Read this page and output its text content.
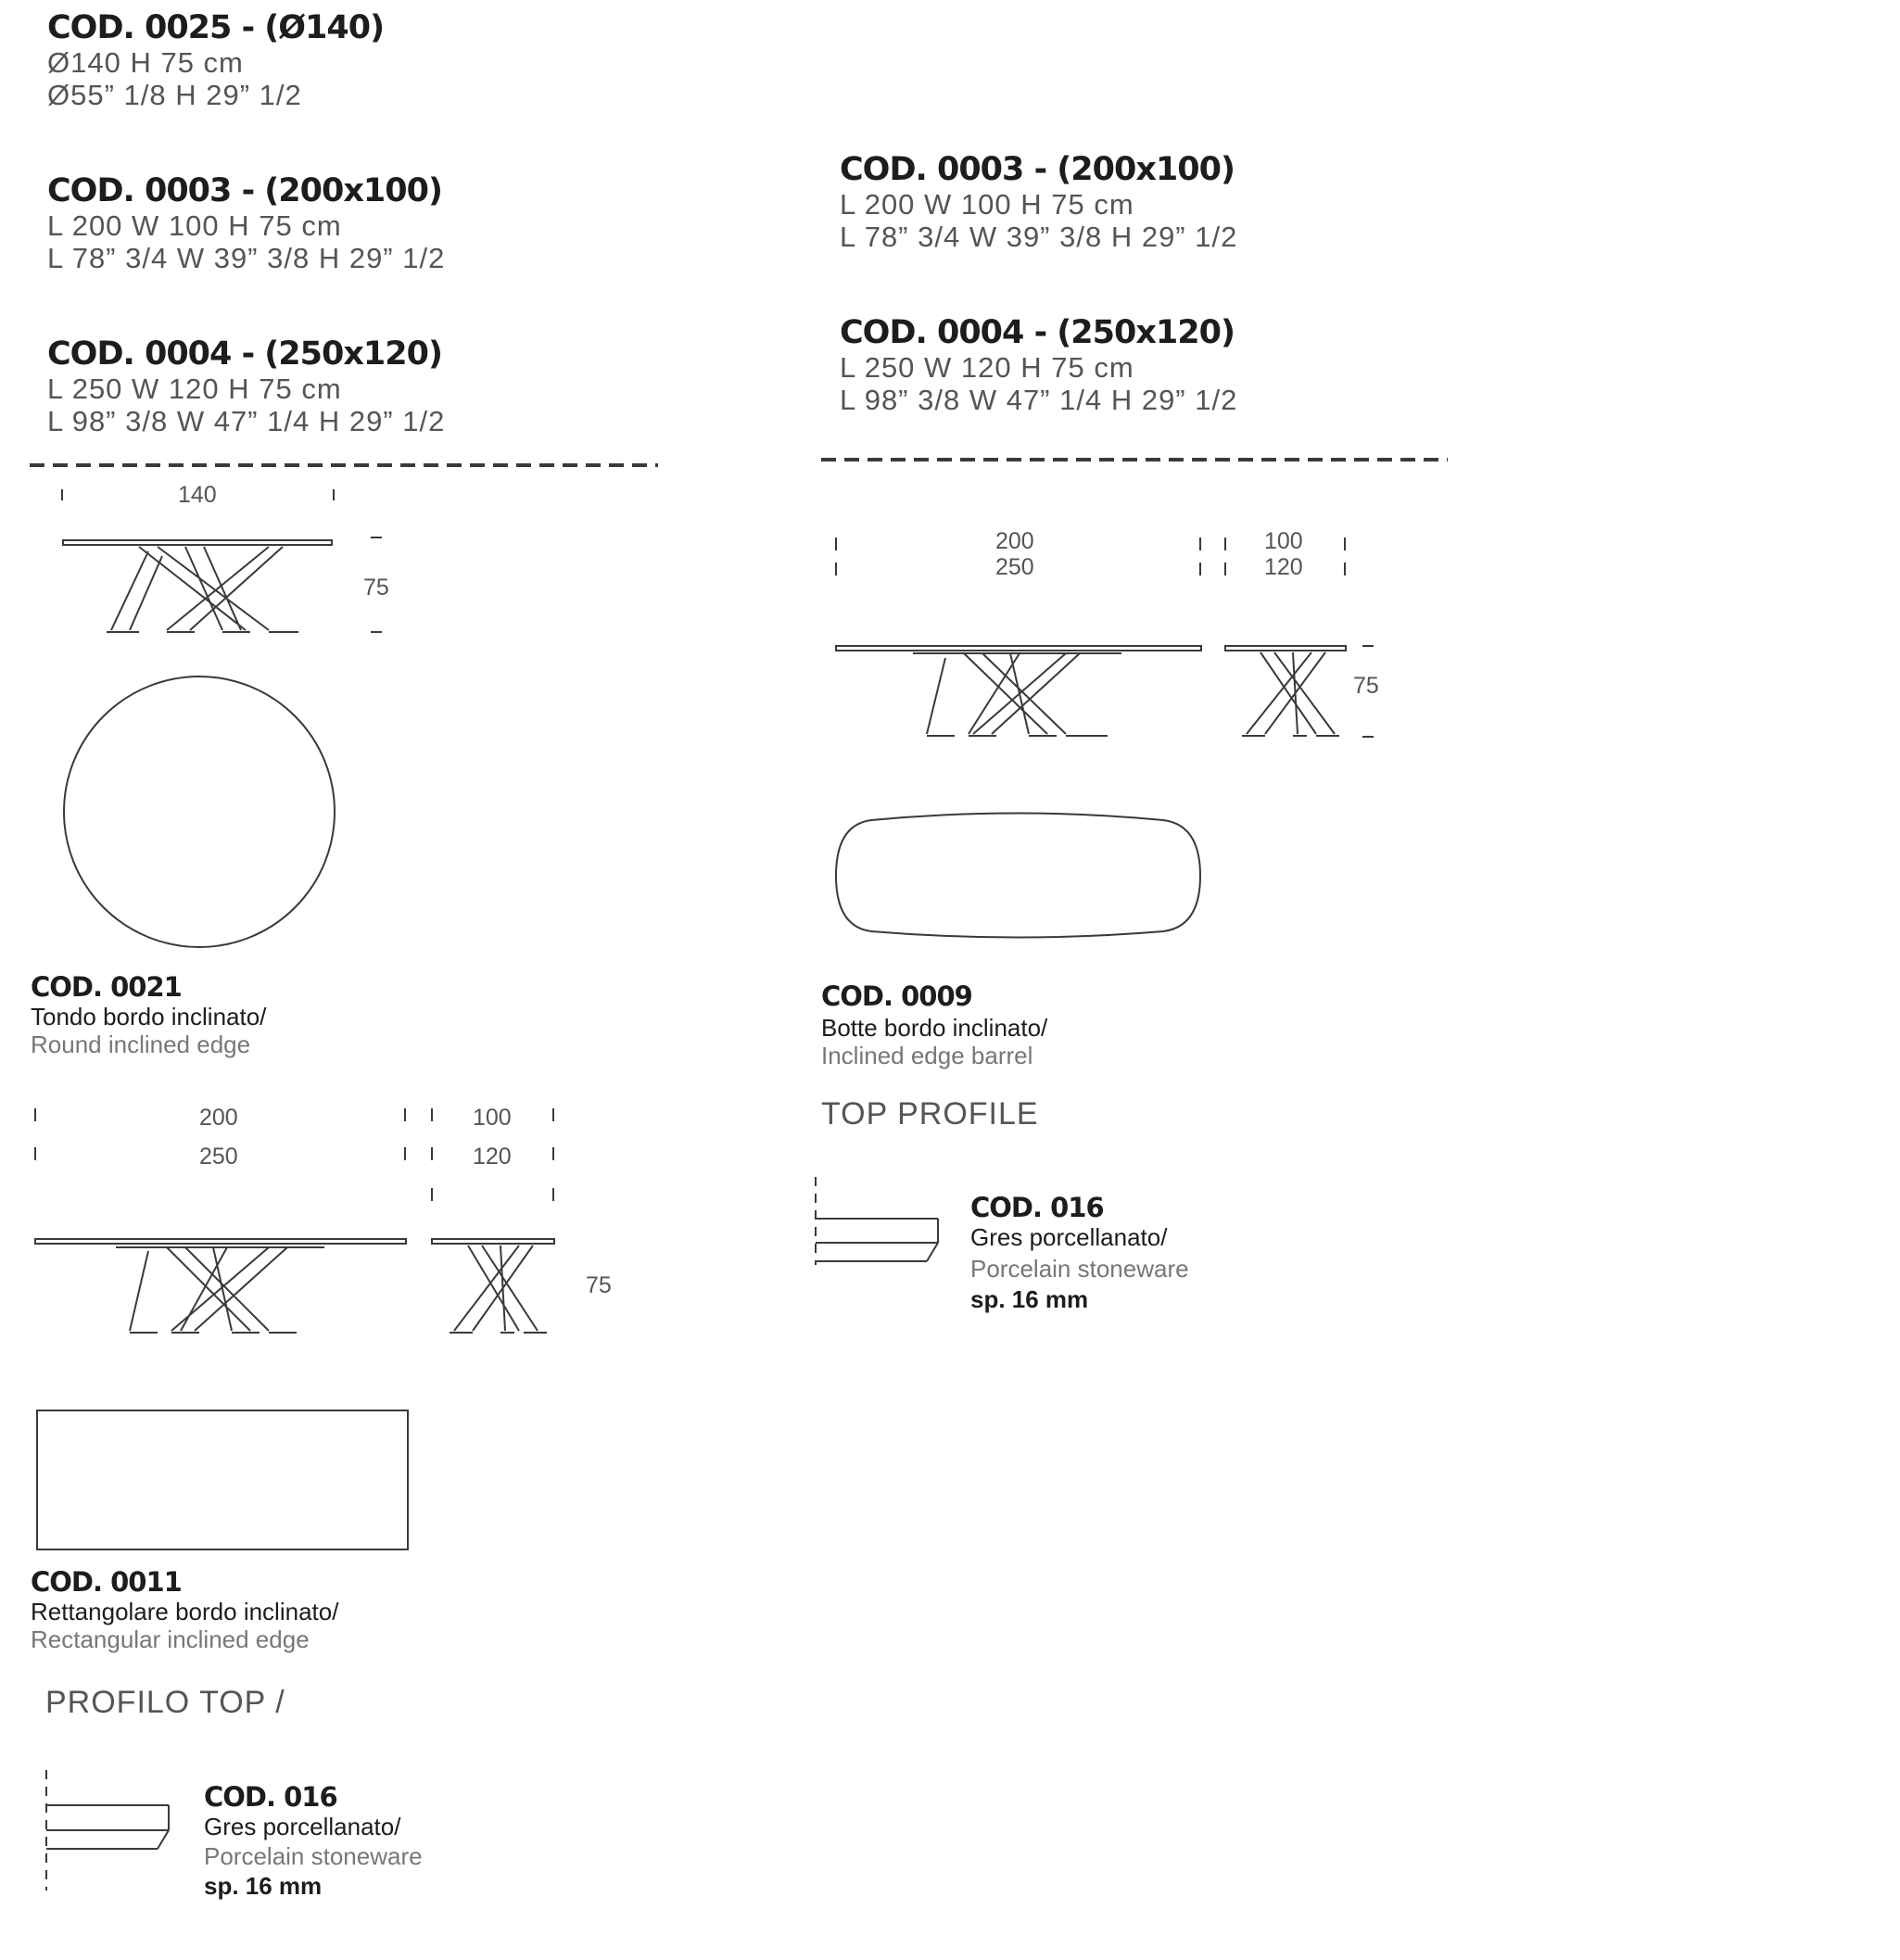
COD. 0025 - (Ø140)
Ø140 H 75 cm
Ø55” 1/8 H 29” 1/2
COD. 0003 - (200x100)
L 200 W 100 H 75 cm
L 78” 3/4 W 39” 3/8 H 29” 1/2
COD. 0004 - (250x120)
L 250 W 120 H 75 cm
L 98” 3/8 W 47” 1/4 H 29” 1/2
COD. 0003 - (200x100)
L 200 W 100 H 75 cm
L 78” 3/4 W 39” 3/8 H 29” 1/2
COD. 0004 - (250x120)
L 250 W 120 H 75 cm
L 98” 3/8 W 47” 1/4 H 29” 1/2
140
75
200
250
100
120
75
200
250
100
120
75
COD. 0021
Tondo bordo inclinato/
Round inclined edge
COD. 0011
Rettangolare bordo inclinato/
Rectangular inclined edge
COD. 0009
Botte bordo inclinato/
Inclined edge barrel
PROFILO TOP /
COD. 016
Gres porcellanato/
Porcelain stoneware
sp. 16 mm
TOP PROFILE
COD. 016
Gres porcellanato/
Porcelain stoneware
sp. 16 mm
